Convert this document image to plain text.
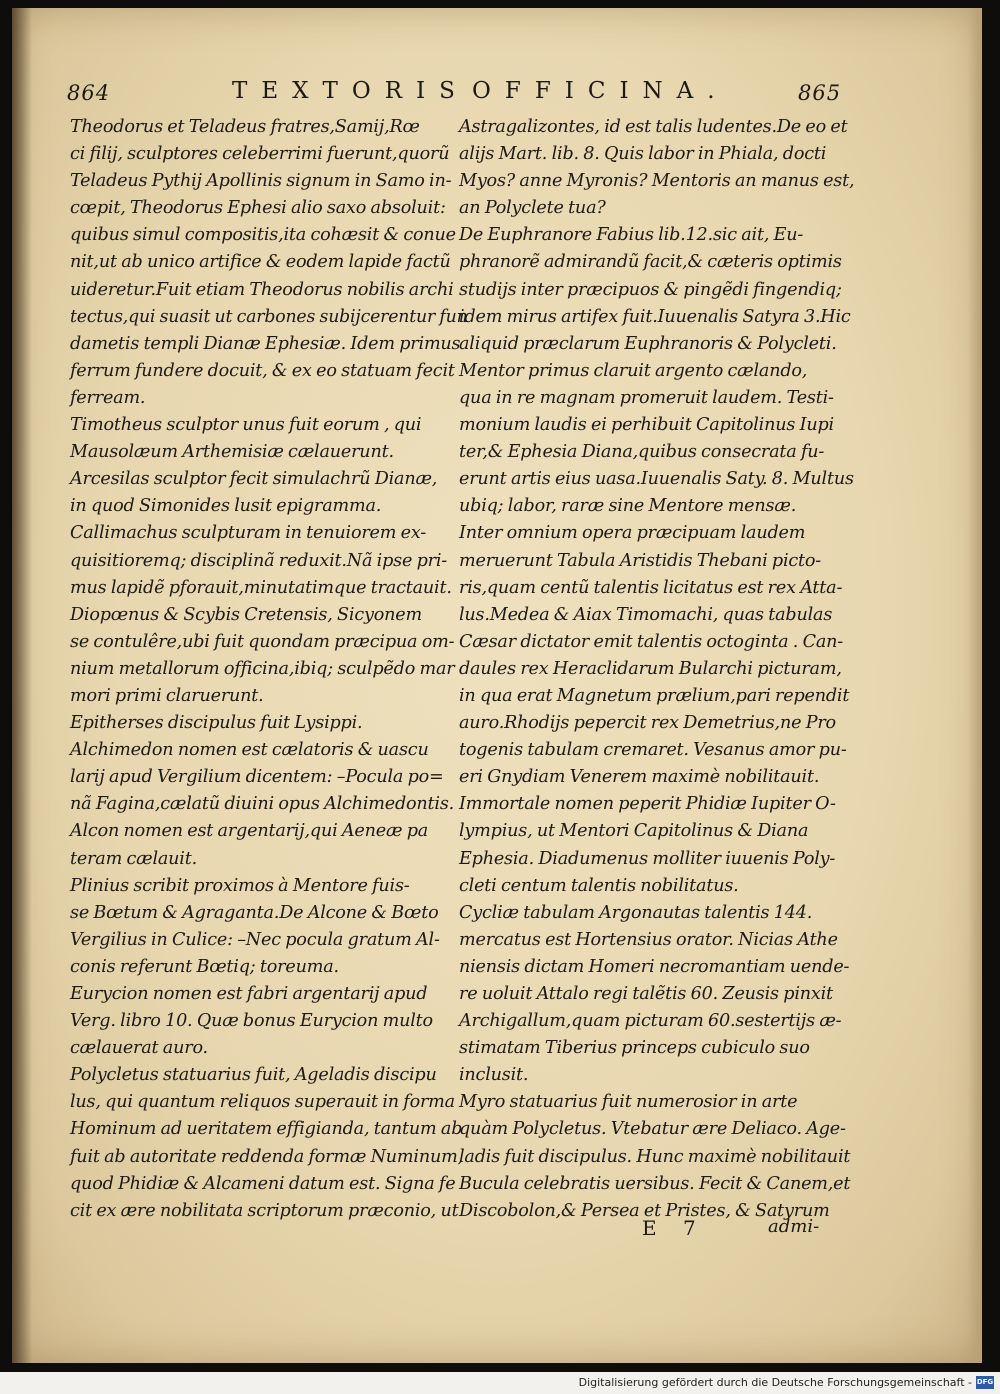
864	TEXTORIS OFFICINA.	865
Theodorus et Teladeus fratres,Samij,Rœ
ci filij, sculptores celeberrimi fuerunt,quorũ
Teladeus Pythij Apollinis signum in Samo in-
cœpit, Theodorus Ephesi alio saxo absoluit:
quibus simul compositis,ita cohæsit & conue
nit,ut ab unico artifice & eodem lapide factũ
uideretur.Fuit etiam Theodorus nobilis archi
tectus,qui suasit ut carbones subijcerentur fun
dametis templi Dianæ Ephesiæ. Idem primus
ferrum fundere docuit, & ex eo statuam fecit
ferream.
Timotheus sculptor unus fuit eorum , qui
Mausolæum Arthemisiæ cælauerunt.
Arcesilas sculptor fecit simulachrũ Dianæ,
in quod Simonides lusit epigramma.
Callimachus sculpturam in tenuiorem ex-
quisitioremq; disciplinã reduxit.Nã ipse pri-
mus lapidẽ pforauit,minutatimque tractauit.
Diopœnus & Scybis Cretensis, Sicyonem
se contulêre,ubi fuit quondam præcipua om-
nium metallorum officina,ibiq; sculpẽdo mar
mori primi claruerunt.
Epitherses discipulus fuit Lysippi.
Alchimedon nomen est cælatoris & uascu
larij apud Vergilium dicentem: –Pocula po=
nã Fagina,cælatũ diuini opus Alchimedontis.
Alcon nomen est argentarij,qui Aeneæ pa
teram cælauit.
Plinius scribit proximos à Mentore fuis-
se Bœtum & Agraganta.De Alcone & Bœto
Vergilius in Culice: –Nec pocula gratum Al-
conis referunt Bœtiq; toreuma.
Eurycion nomen est fabri argentarij apud
Verg. libro 10. Quæ bonus Eurycion multo
cælauerat auro.
Polycletus statuarius fuit, Ageladis discipu
lus, qui quantum reliquos superauit in forma
Hominum ad ueritatem effigianda, tantum ab
fuit ab autoritate reddenda formæ Numinum,
quod Phidiæ & Alcameni datum est. Signa fe
cit ex ære nobilitata scriptorum præconio, ut
Astragalizontes, id est talis ludentes.De eo et
alijs Mart. lib. 8. Quis labor in Phiala, docti
Myos? anne Myronis? Mentoris an manus est,
an Polyclete tua?
De Euphranore Fabius lib.12.sic ait, Eu-
phranorẽ admirandũ facit,& cæteris optimis
studijs inter præcipuos & pingẽdi fingendiq;
idem mirus artifex fuit.Iuuenalis Satyra 3.Hic
aliquid præclarum Euphranoris & Polycleti.
Mentor primus claruit argento cælando,
qua in re magnam promeruit laudem. Testi-
monium laudis ei perhibuit Capitolinus Iupi
ter,& Ephesia Diana,quibus consecrata fu-
erunt artis eius uasa.Iuuenalis Saty. 8. Multus
ubiq; labor, raræ sine Mentore mensæ.
Inter omnium opera præcipuam laudem
meruerunt Tabula Aristidis Thebani picto-
ris,quam centũ talentis licitatus est rex Atta-
lus.Medea & Aiax Timomachi, quas tabulas
Cæsar dictator emit talentis octoginta . Can-
daules rex Heraclidarum Bularchi picturam,
in qua erat Magnetum prælium,pari rependit
auro.Rhodijs pepercit rex Demetrius,ne Pro
togenis tabulam cremaret. Vesanus amor pu-
eri Gnydiam Venerem maximè nobilitauit.
Immortale nomen peperit Phidiæ Iupiter O-
lympius, ut Mentori Capitolinus & Diana
Ephesia. Diadumenus molliter iuuenis Poly-
cleti centum talentis nobilitatus.
Cycliæ tabulam Argonautas talentis 144.
mercatus est Hortensius orator. Nicias Athe
niensis dictam Homeri necromantiam uende-
re uoluit Attalo regi talẽtis 60. Zeusis pinxit
Archigallum,quam picturam 60.sestertijs æ-
stimatam Tiberius princeps cubiculo suo
inclusit.
Myro statuarius fuit numerosior in arte
quàm Polycletus. Vtebatur ære Deliaco. Age-
ladis fuit discipulus. Hunc maximè nobilitauit
Bucula celebratis uersibus. Fecit & Canem,et
Discobolon,& Persea et Pristes, & Satyrum
E 7	admi-
Digitalisierung gefördert durch die Deutsche Forschungsgemeinschaft - DFG
